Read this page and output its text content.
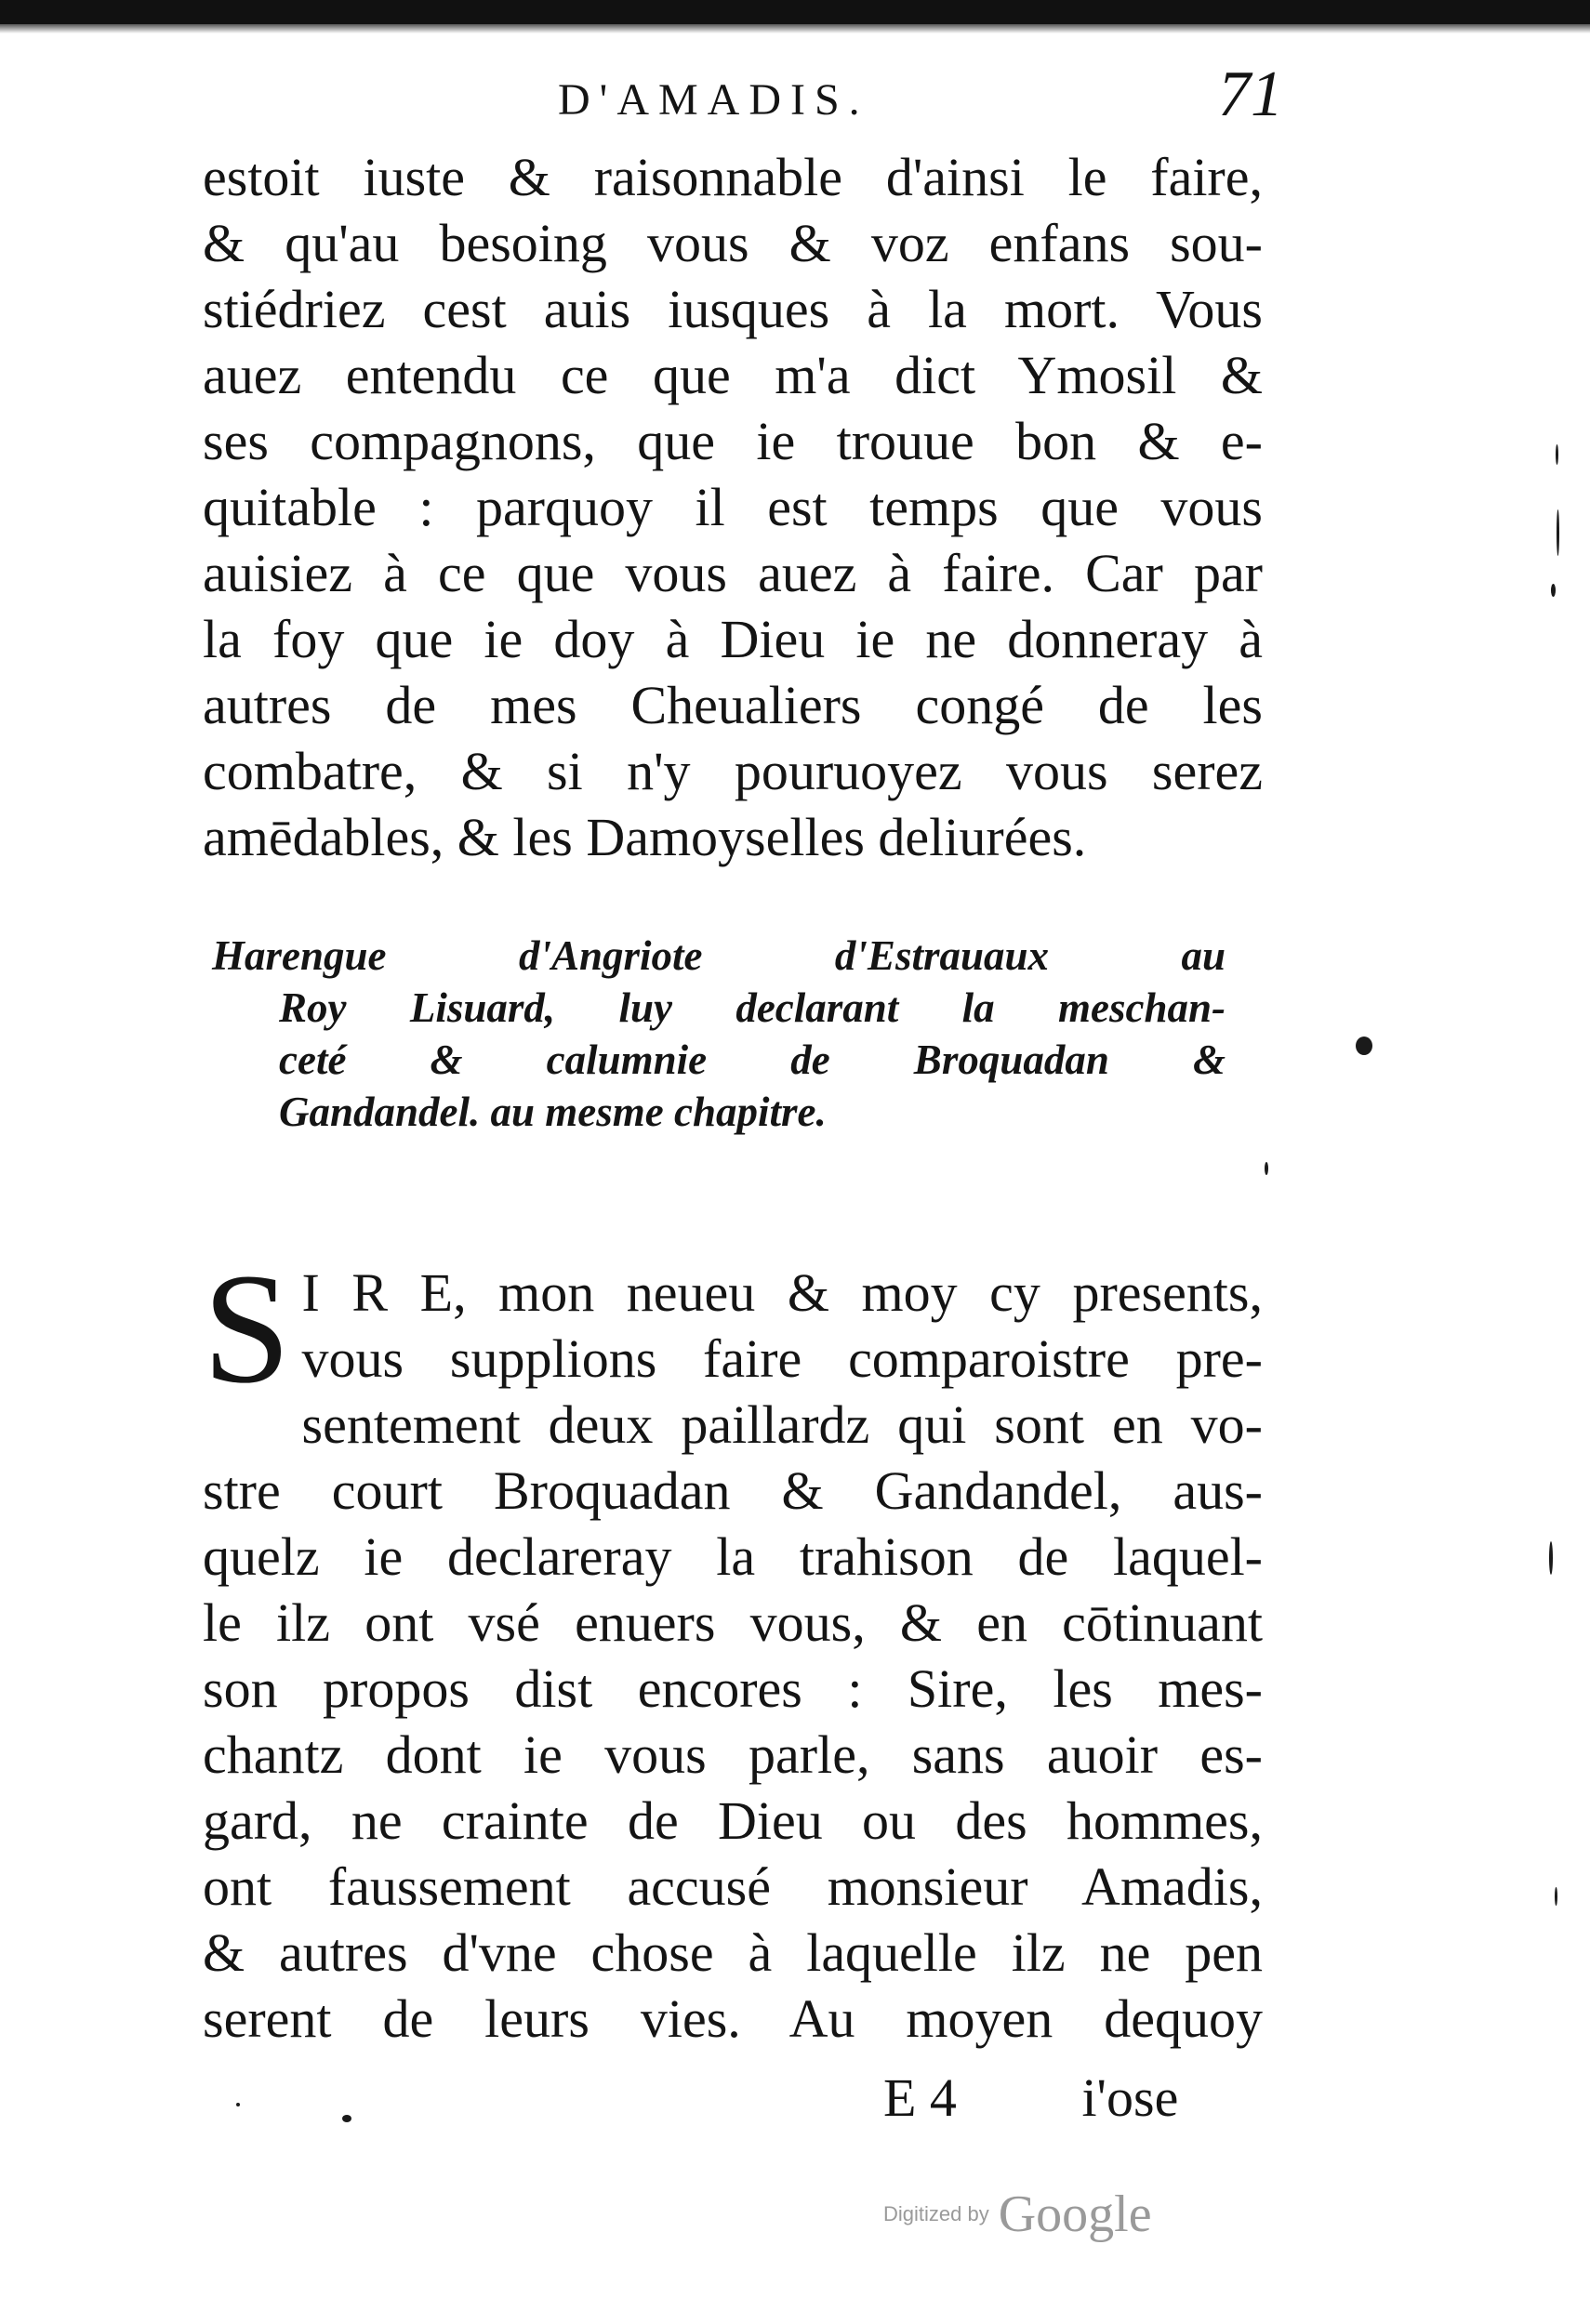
D'AMADIS.	71
estoit iuste & raisonnable d'ainsi le faire,
& qu'au besoing vous & voz enfans sou-
stiédriez cest auis iusques à la mort. Vous
auez entendu ce que m'a dict Ymosil &
ses compagnons, que ie trouue bon & e-
quitable : parquoy il est temps que vous
auisiez à ce que vous auez à faire. Car par
la foy que ie doy à Dieu ie ne donneray à
autres de mes Cheualiers congé de les
combatre, & si n'y pouruoyez vous serez
amēdables, & les Damoyselles deliurées.
Harengue d'Angriote d'Estrauaux au
Roy Lisuard, luy declarant la meschan-
ceté & calumnie de Broquadan &
Gandandel. au mesme chapitre.
S I R E, mon neueu & moy cy presents,
vous supplions faire comparoistre pre-
sentement deux paillardz qui sont en vo-
stre court Broquadan & Gandandel, aus-
quelz ie declareray la trahison de laquel-
le ilz ont vsé enuers vous, & en cōtinuant
son propos dist encores : Sire, les mes-
chantz dont ie vous parle, sans auoir es-
gard, ne crainte de Dieu ou des hommes,
ont faussement accusé monsieur Amadis,
& autres d'vne chose à laquelle ilz ne pen
serent de leurs vies. Au moyen dequoy
E 4 i'ose
Digitized by Google
